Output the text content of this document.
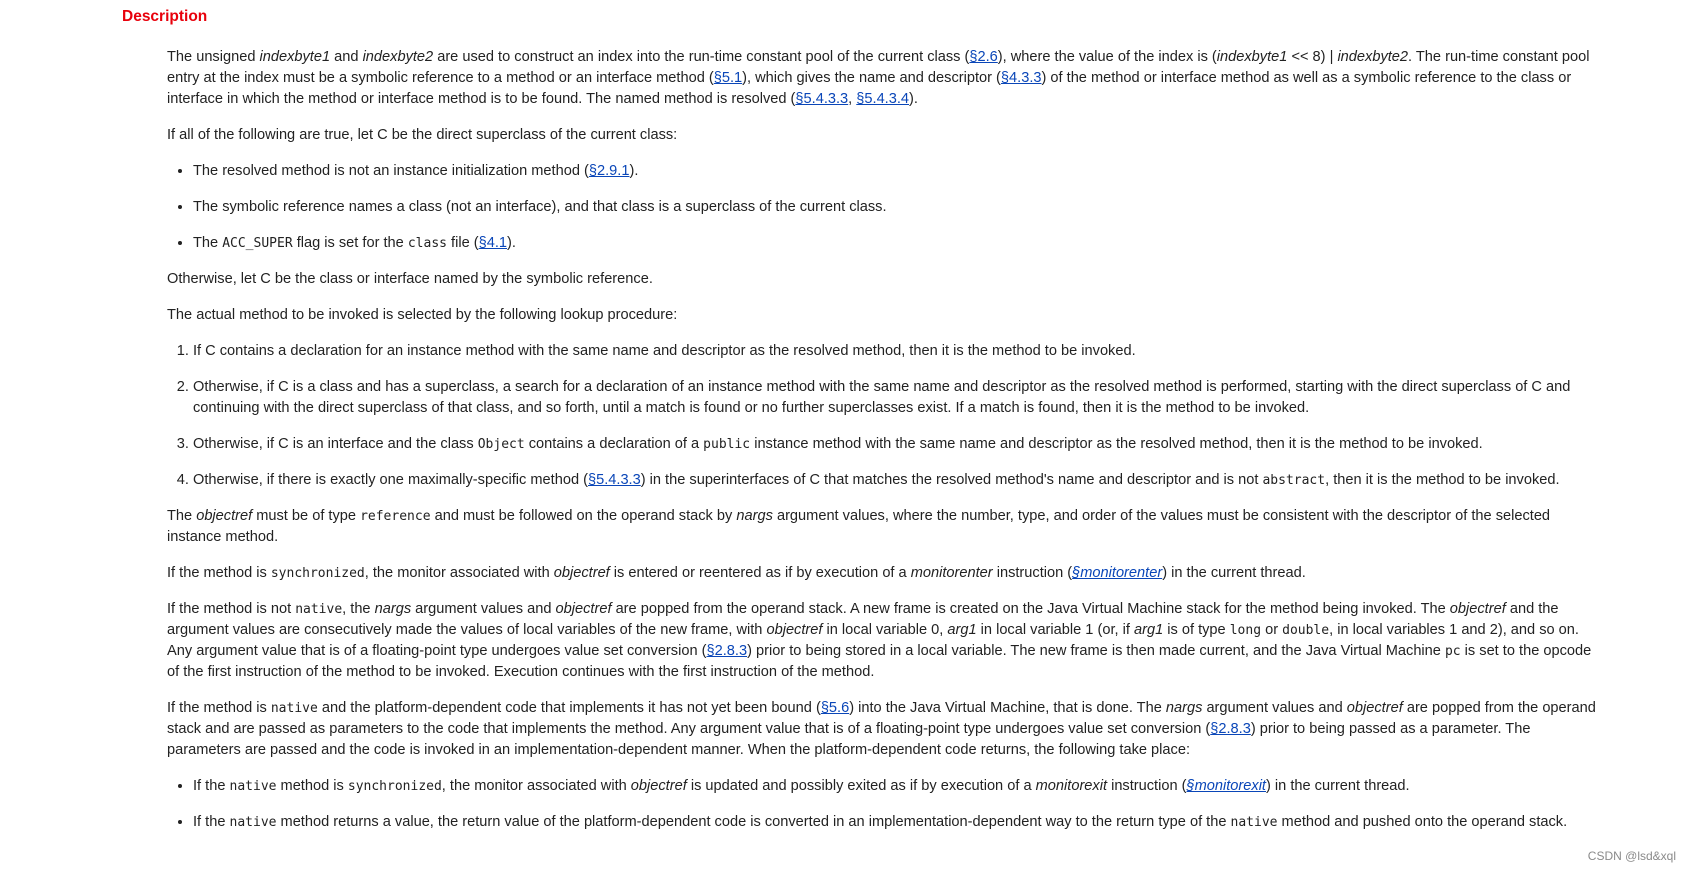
Description

The unsigned indexbyte1 and indexbyte2 are used to construct an index into the run-time constant pool of the current class (§2.6), where the value of the index is (indexbyte1 << 8) | indexbyte2. The run-time constant pool entry at the index must be a symbolic reference to a method or an interface method (§5.1), which gives the name and descriptor (§4.3.3) of the method or interface method as well as a symbolic reference to the class or interface in which the method or interface method is to be found. The named method is resolved (§5.4.3.3, §5.4.3.4).

If all of the following are true, let C be the direct superclass of the current class:

• The resolved method is not an instance initialization method (§2.9.1).
• The symbolic reference names a class (not an interface), and that class is a superclass of the current class.
• The ACC_SUPER flag is set for the class file (§4.1).

Otherwise, let C be the class or interface named by the symbolic reference.

The actual method to be invoked is selected by the following lookup procedure:

1. If C contains a declaration for an instance method with the same name and descriptor as the resolved method, then it is the method to be invoked.
2. Otherwise, if C is a class and has a superclass, a search for a declaration of an instance method with the same name and descriptor as the resolved method is performed, starting with the direct superclass of C and continuing with the direct superclass of that class, and so forth, until a match is found or no further superclasses exist. If a match is found, then it is the method to be invoked.
3. Otherwise, if C is an interface and the class Object contains a declaration of a public instance method with the same name and descriptor as the resolved method, then it is the method to be invoked.
4. Otherwise, if there is exactly one maximally-specific method (§5.4.3.3) in the superinterfaces of C that matches the resolved method's name and descriptor and is not abstract, then it is the method to be invoked.

The objectref must be of type reference and must be followed on the operand stack by nargs argument values, where the number, type, and order of the values must be consistent with the descriptor of the selected instance method.

If the method is synchronized, the monitor associated with objectref is entered or reentered as if by execution of a monitorenter instruction (§monitorenter) in the current thread.

If the method is not native, the nargs argument values and objectref are popped from the operand stack. A new frame is created on the Java Virtual Machine stack for the method being invoked. The objectref and the argument values are consecutively made the values of local variables of the new frame, with objectref in local variable 0, arg1 in local variable 1 (or, if arg1 is of type long or double, in local variables 1 and 2), and so on. Any argument value that is of a floating-point type undergoes value set conversion (§2.8.3) prior to being stored in a local variable. The new frame is then made current, and the Java Virtual Machine pc is set to the opcode of the first instruction of the method to be invoked. Execution continues with the first instruction of the method.

If the method is native and the platform-dependent code that implements it has not yet been bound (§5.6) into the Java Virtual Machine, that is done. The nargs argument values and objectref are popped from the operand stack and are passed as parameters to the code that implements the method. Any argument value that is of a floating-point type undergoes value set conversion (§2.8.3) prior to being passed as a parameter. The parameters are passed and the code is invoked in an implementation-dependent manner. When the platform-dependent code returns, the following take place:

• If the native method is synchronized, the monitor associated with objectref is updated and possibly exited as if by execution of a monitorexit instruction (§monitorexit) in the current thread.
• If the native method returns a value, the return value of the platform-dependent code is converted in an implementation-dependent way to the return type of the native method and pushed onto the operand stack.
CSDN @lsd&xql
